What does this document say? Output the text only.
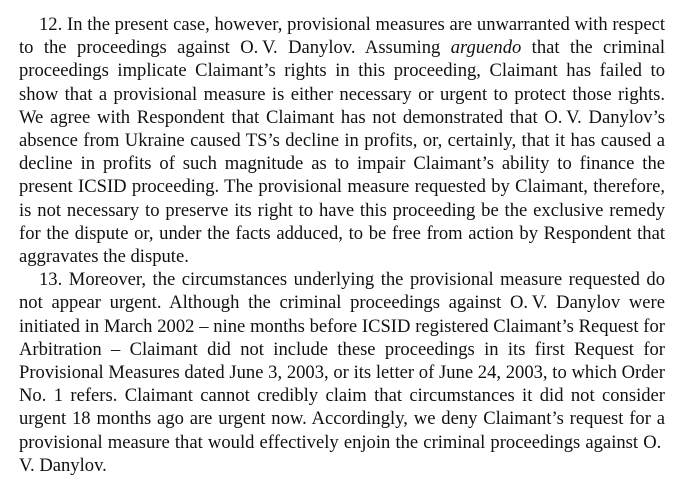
12. In the present case, however, provisional measures are unwarranted with respect to the proceedings against O. V. Danylov. Assuming arguendo that the criminal proceedings implicate Claimant’s rights in this proceeding, Claimant has failed to show that a provisional measure is either necessary or urgent to protect those rights. We agree with Respondent that Claimant has not demonstrated that O. V. Danylov’s absence from Ukraine caused TS’s decline in profits, or, certainly, that it has caused a decline in profits of such magnitude as to impair Claimant’s ability to finance the present ICSID proceeding. The provisional measure requested by Claimant, therefore, is not necessary to preserve its right to have this proceeding be the exclusive remedy for the dispute or, under the facts adduced, to be free from action by Respondent that aggravates the dispute.

13. Moreover, the circumstances underlying the provisional measure requested do not appear urgent. Although the criminal proceedings against O. V. Danylov were initiated in March 2002 – nine months before ICSID registered Claimant’s Request for Arbitration – Claimant did not include these proceedings in its first Request for Provisional Measures dated June 3, 2003, or its letter of June 24, 2003, to which Order No. 1 refers. Claimant cannot credibly claim that circumstances it did not consider urgent 18 months ago are urgent now. Accordingly, we deny Claimant’s request for a provisional measure that would effectively enjoin the criminal proceedings against O. V. Danylov.
